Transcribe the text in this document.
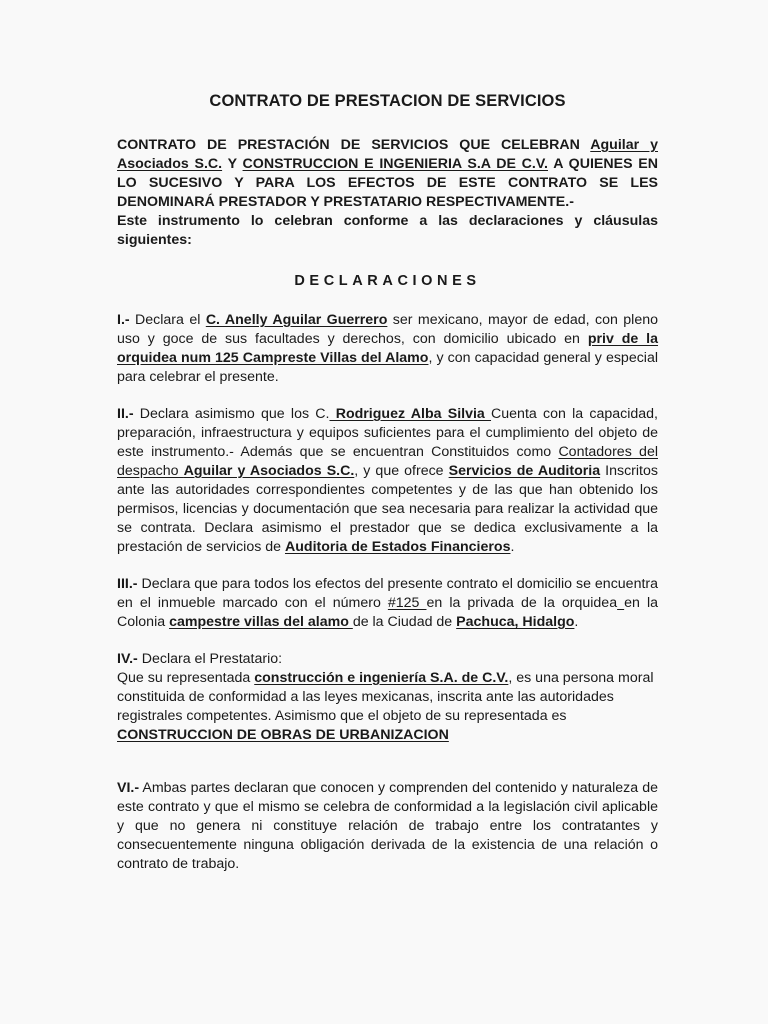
CONTRATO DE PRESTACION DE SERVICIOS

CONTRATO DE PRESTACIÓN DE SERVICIOS QUE CELEBRAN Aguilar y Asociados S.C. Y CONSTRUCCION E INGENIERIA S.A DE C.V. A QUIENES EN LO SUCESIVO Y PARA LOS EFECTOS DE ESTE CONTRATO SE LES DENOMINARÁ PRESTADOR Y PRESTATARIO RESPECTIVAMENTE.-

Este instrumento lo celebran conforme a las declaraciones y cláusulas siguientes:

DECLARACIONES

I.- Declara el C. Anelly Aguilar Guerrero ser mexicano, mayor de edad, con pleno uso y goce de sus facultades y derechos, con domicilio ubicado en priv de la orquidea num 125 Campreste Villas del Alamo, y con capacidad general y especial para celebrar el presente.

II.- Declara asimismo que los C. Rodriguez Alba Silvia Cuenta con la capacidad, preparación, infraestructura y equipos suficientes para el cumplimiento del objeto de este instrumento.- Además que se encuentran Constituidos como Contadores del despacho Aguilar y Asociados S.C., y que ofrece Servicios de Auditoria Inscritos ante las autoridades correspondientes competentes y de las que han obtenido los permisos, licencias y documentación que sea necesaria para realizar la actividad que se contrata. Declara asimismo el prestador que se dedica exclusivamente a la prestación de servicios de Auditoria de Estados Financieros.

III.- Declara que para todos los efectos del presente contrato el domicilio se encuentra en el inmueble marcado con el número #125 en la privada de la orquidea en la Colonia campestre villas del alamo de la Ciudad de Pachuca, Hidalgo.

IV.- Declara el Prestatario:
Que su representada construcción e ingeniería S.A. de C.V., es una persona moral constituida de conformidad a las leyes mexicanas, inscrita ante las autoridades registrales competentes. Asimismo que el objeto de su representada es CONSTRUCCION DE OBRAS DE URBANIZACION

VI.- Ambas partes declaran que conocen y comprenden del contenido y naturaleza de este contrato y que el mismo se celebra de conformidad a la legislación civil aplicable y que no genera ni constituye relación de trabajo entre los contratantes y consecuentemente ninguna obligación derivada de la existencia de una relación o contrato de trabajo.
